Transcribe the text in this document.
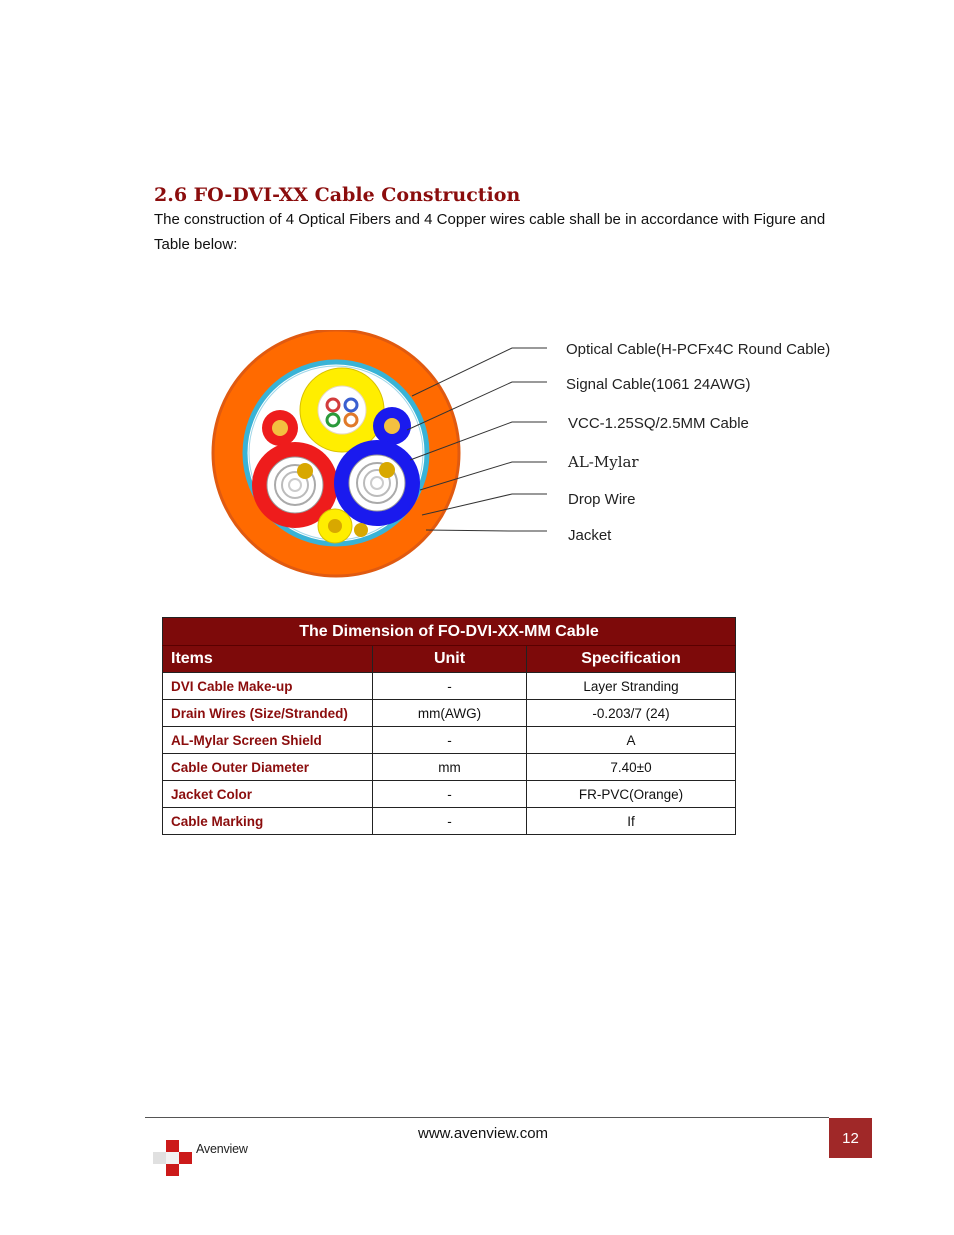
2.6 FO-DVI-XX Cable Construction

The construction of 4 Optical Fibers and 4 Copper wires cable shall be in accordance with Figure and Table below:

Optical Cable(H-PCFx4C Round Cable)
Signal Cable(1061 24AWG)
VCC-1.25SQ/2.5MM Cable
AL-Mylar
Drop Wire
Jacket
The Dimension of FO-DVI-XX-MM Cable		
Items	Unit	Specification
DVI Cable Make-up	-	Layer Stranding
Drain Wires (Size/Stranded)	mm(AWG)	-0.203/7 (24)
AL-Mylar Screen Shield	-	A
Cable Outer Diameter	mm	7.40±0
Jacket Color	-	FR-PVC(Orange)
Cable Marking	-	If
www.avenview.com	12
Avenview
